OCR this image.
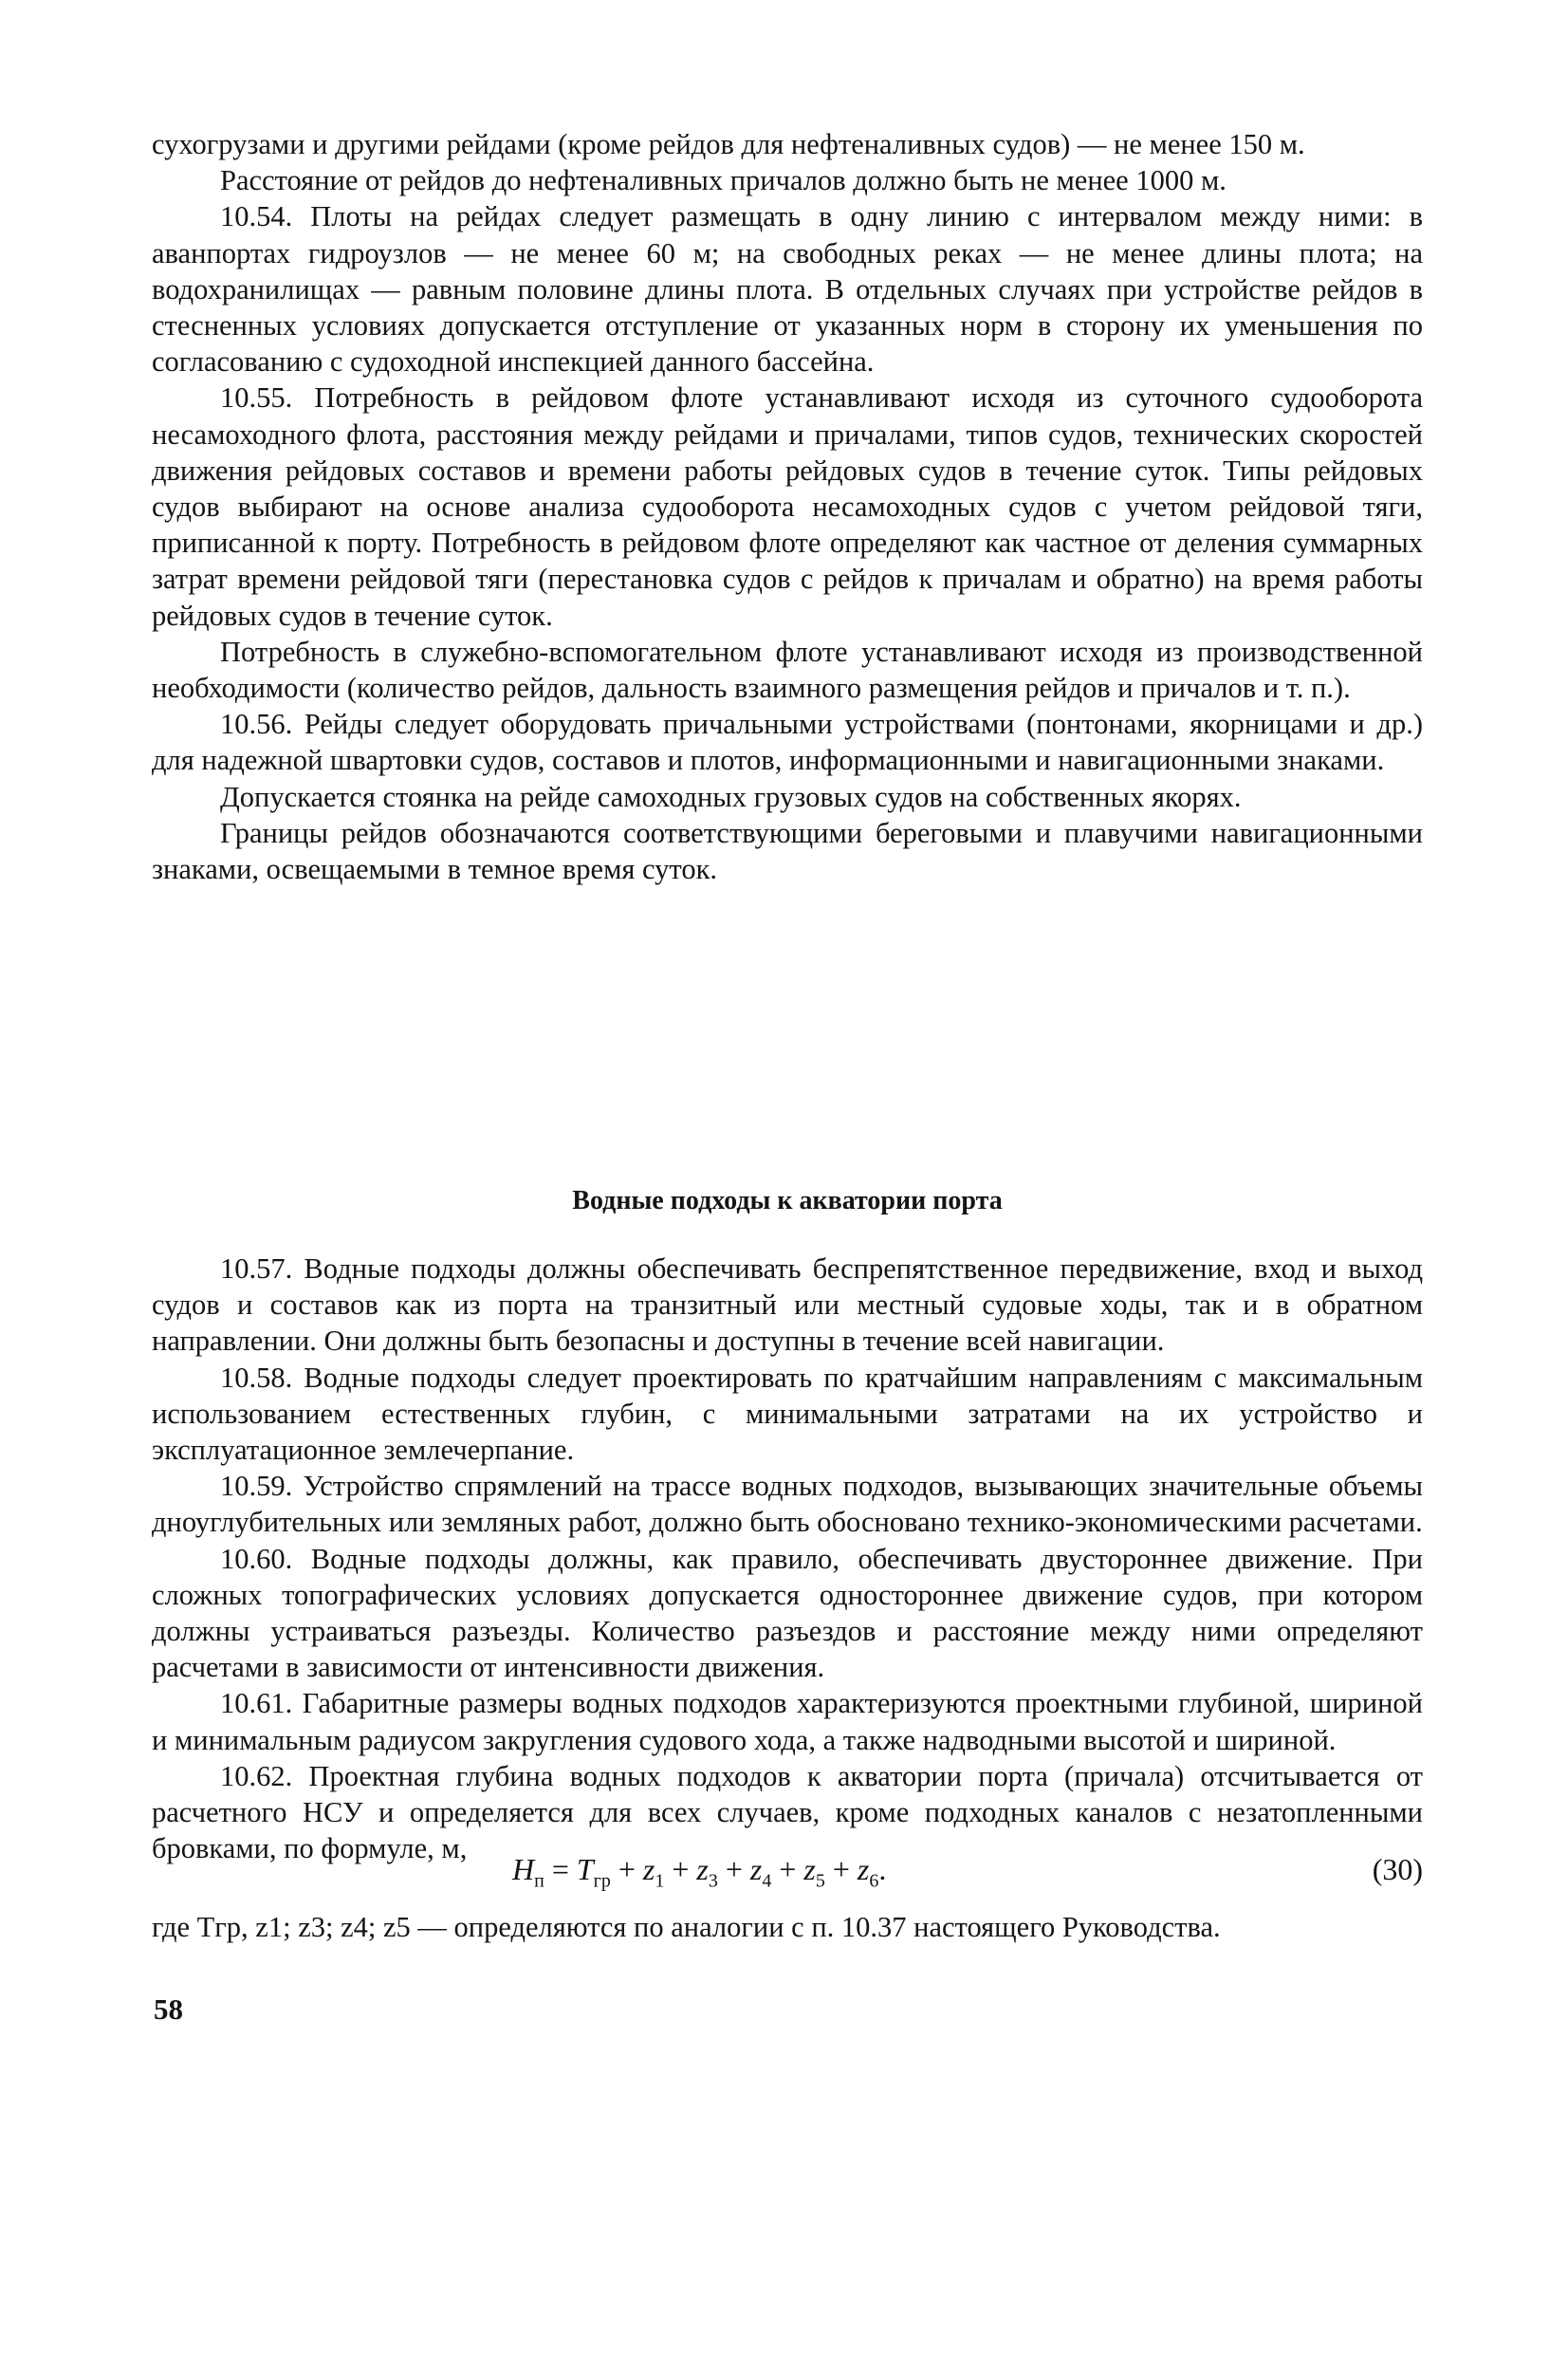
сухогрузами и другими рейдами (кроме рейдов для нефтеналивных судов) — не менее 150 м.

Расстояние от рейдов до нефтеналивных причалов должно быть не менее 1000 м.

10.54. Плоты на рейдах следует размещать в одну линию с интервалом между ними: в аванпортах гидроузлов — не менее 60 м; на свободных реках — не менее длины плота; на водохранилищах — равным половине длины плота. В отдельных случаях при устройстве рейдов в стесненных условиях допускается отступление от указанных норм в сторону их уменьшения по согласованию с судоходной инспекцией данного бассейна.

10.55. Потребность в рейдовом флоте устанавливают исходя из суточного судооборота несамоходного флота, расстояния между рейдами и причалами, типов судов, технических скоростей движения рейдовых составов и времени работы рейдовых судов в течение суток. Типы рейдовых судов выбирают на основе анализа судооборота несамоходных судов с учетом рейдовой тяги, приписанной к порту. Потребность в рейдовом флоте определяют как частное от деления суммарных затрат времени рейдовой тяги (перестановка судов с рейдов к причалам и обратно) на время работы рейдовых судов в течение суток.

Потребность в служебно-вспомогательном флоте устанавливают исходя из производственной необходимости (количество рейдов, дальность взаимного размещения рейдов и причалов и т. п.).

10.56. Рейды следует оборудовать причальными устройствами (понтонами, якорницами и др.) для надежной швартовки судов, составов и плотов, информационными и навигационными знаками.

Допускается стоянка на рейде самоходных грузовых судов на собственных якорях.

Границы рейдов обозначаются соответствующими береговыми и плавучими навигационными знаками, освещаемыми в темное время суток.

Водные подходы к акватории порта

10.57. Водные подходы должны обеспечивать беспрепятственное передвижение, вход и выход судов и составов как из порта на транзитный или местный судовые ходы, так и в обратном направлении. Они должны быть безопасны и доступны в течение всей навигации.

10.58. Водные подходы следует проектировать по кратчайшим направлениям с максимальным использованием естественных глубин, с минимальными затратами на их устройство и эксплуатационное землечерпание.

10.59. Устройство спрямлений на трассе водных подходов, вызывающих значительные объемы дноуглубительных или земляных работ, должно быть обосновано технико-экономическими расчетами.

10.60. Водные подходы должны, как правило, обеспечивать двустороннее движение. При сложных топографических условиях допускается одностороннее движение судов, при котором должны устраиваться разъезды. Количество разъездов и расстояние между ними определяют расчетами в зависимости от интенсивности движения.

10.61. Габаритные размеры водных подходов характеризуются проектными глубиной, шириной и минимальным радиусом закругления судового хода, а также надводными высотой и шириной.

10.62. Проектная глубина водных подходов к акватории порта (причала) отсчитывается от расчетного НСУ и определяется для всех случаев, кроме подходных каналов с незатопленными бровками, по формуле, м,

$H_п = T_{гр} + z_1 + z_3 + z_4 + z_5 + z_6$.	(30)
где Tгр, z1; z3; z4; z5 — определяются по аналогии с п. 10.37 настоящего Руководства.
58
